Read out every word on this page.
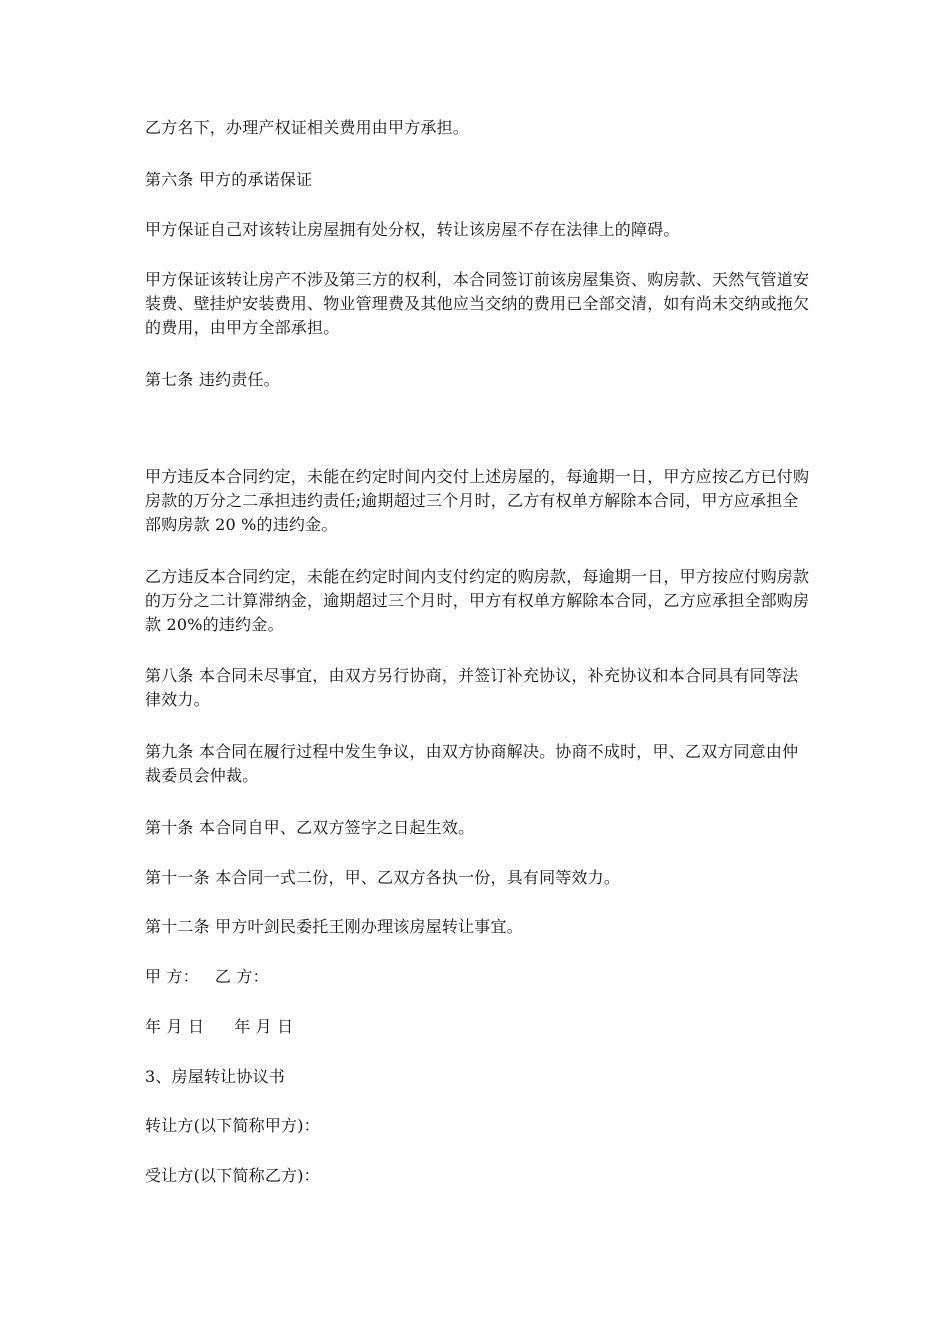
乙方名下，办理产权证相关费用由甲方承担。
第六条 甲方的承诺保证
甲方保证自己对该转让房屋拥有处分权，转让该房屋不存在法律上的障碍。
甲方保证该转让房产不涉及第三方的权利，本合同签订前该房屋集资、购房款、天然气管道安装费、壁挂炉安装费用、物业管理费及其他应当交纳的费用已全部交清，如有尚未交纳或拖欠的费用，由甲方全部承担。
第七条 违约责任。
甲方违反本合同约定，未能在约定时间内交付上述房屋的，每逾期一日，甲方应按乙方已付购房款的万分之二承担违约责任;逾期超过三个月时，乙方有权单方解除本合同，甲方应承担全部购房款 20 %的违约金。
乙方违反本合同约定，未能在约定时间内支付约定的购房款，每逾期一日，甲方按应付购房款的万分之二计算滞纳金，逾期超过三个月时，甲方有权单方解除本合同，乙方应承担全部购房款 20%的违约金。
第八条 本合同未尽事宜，由双方另行协商，并签订补充协议，补充协议和本合同具有同等法律效力。
第九条 本合同在履行过程中发生争议，由双方协商解决。协商不成时，甲、乙双方同意由仲裁委员会仲裁。
第十条 本合同自甲、乙双方签字之日起生效。
第十一条 本合同一式二份，甲、乙双方各执一份，具有同等效力。
第十二条 甲方叶剑民委托王刚办理该房屋转让事宜。
甲 方： 乙 方：
年 月 日 年 月 日
3、房屋转让协议书
转让方(以下简称甲方)：
受让方(以下简称乙方)：
